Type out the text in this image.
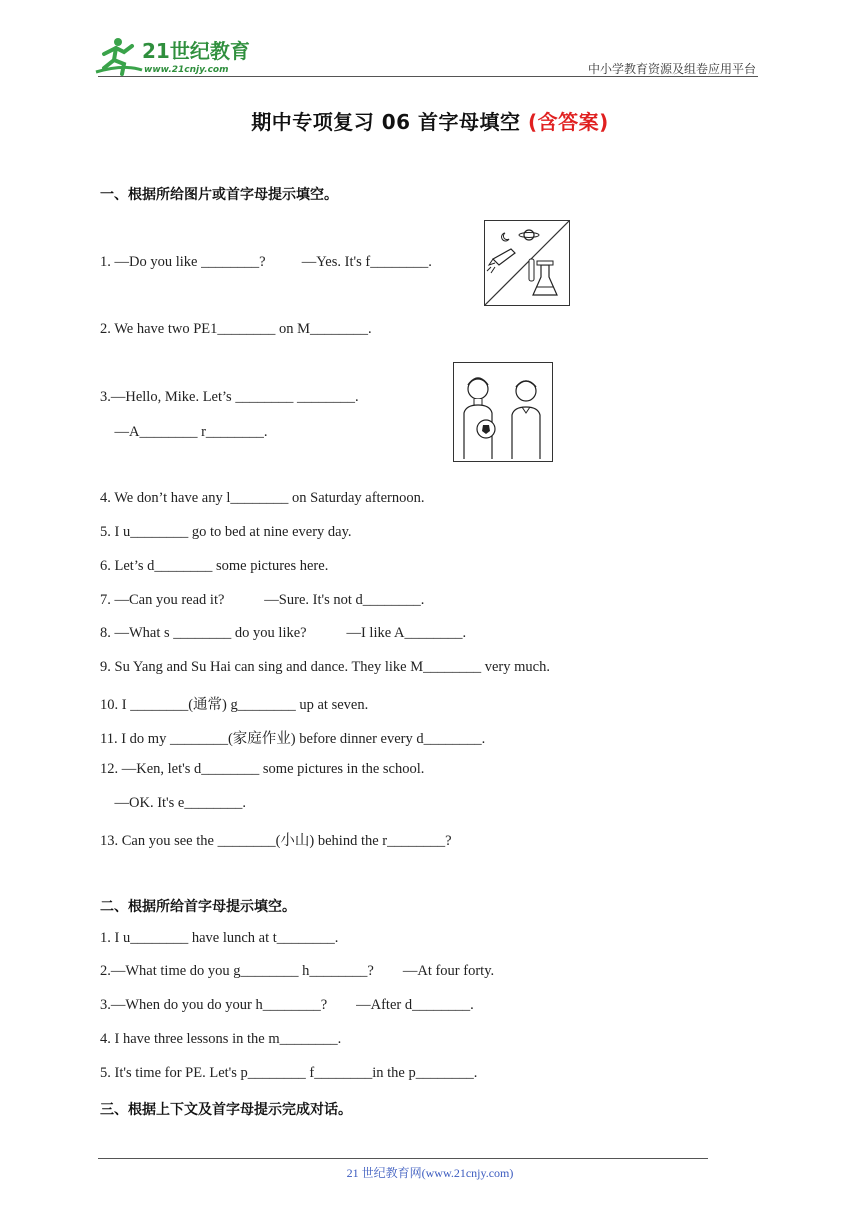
21世纪教育
www.21cnjy.com	中小学教育资源及组卷应用平台
期中专项复习 06 首字母填空 (含答案)
一、根据所给图片或首字母提示填空。
1. —Do you like ________?          —Yes. It's f________.
2. We have two PE1________ on M________.
3.—Hello, Mike. Let’s ________ ________.
—A________ r________.
4. We don’t have any l________ on Saturday afternoon.
5. I u________ go to bed at nine every day.
6. Let’s d________ some pictures here.
7. —Can you read it?           —Sure. It's not d________.
8. —What s ________ do you like?           —I like A________.
9. Su Yang and Su Hai can sing and dance. They like M________ very much.
10. I ________(通常) g________ up at seven.
11. I do my ________(家庭作业) before dinner every d________.
12. —Ken, let's d________ some pictures in the school.
—OK. It's e________.
13. Can you see the ________(小山) behind the r________?
二、根据所给首字母提示填空。
1. I u________ have lunch at t________.
2.—What time do you g________ h________?        —At four forty.
3.—When do you do your h________?        —After d________.
4. I have three lessons in the m________.
5. It's time for PE. Let's p________ f________in the p________.
三、根据上下文及首字母提示完成对话。
21 世纪教育网(www.21cnjy.com)
